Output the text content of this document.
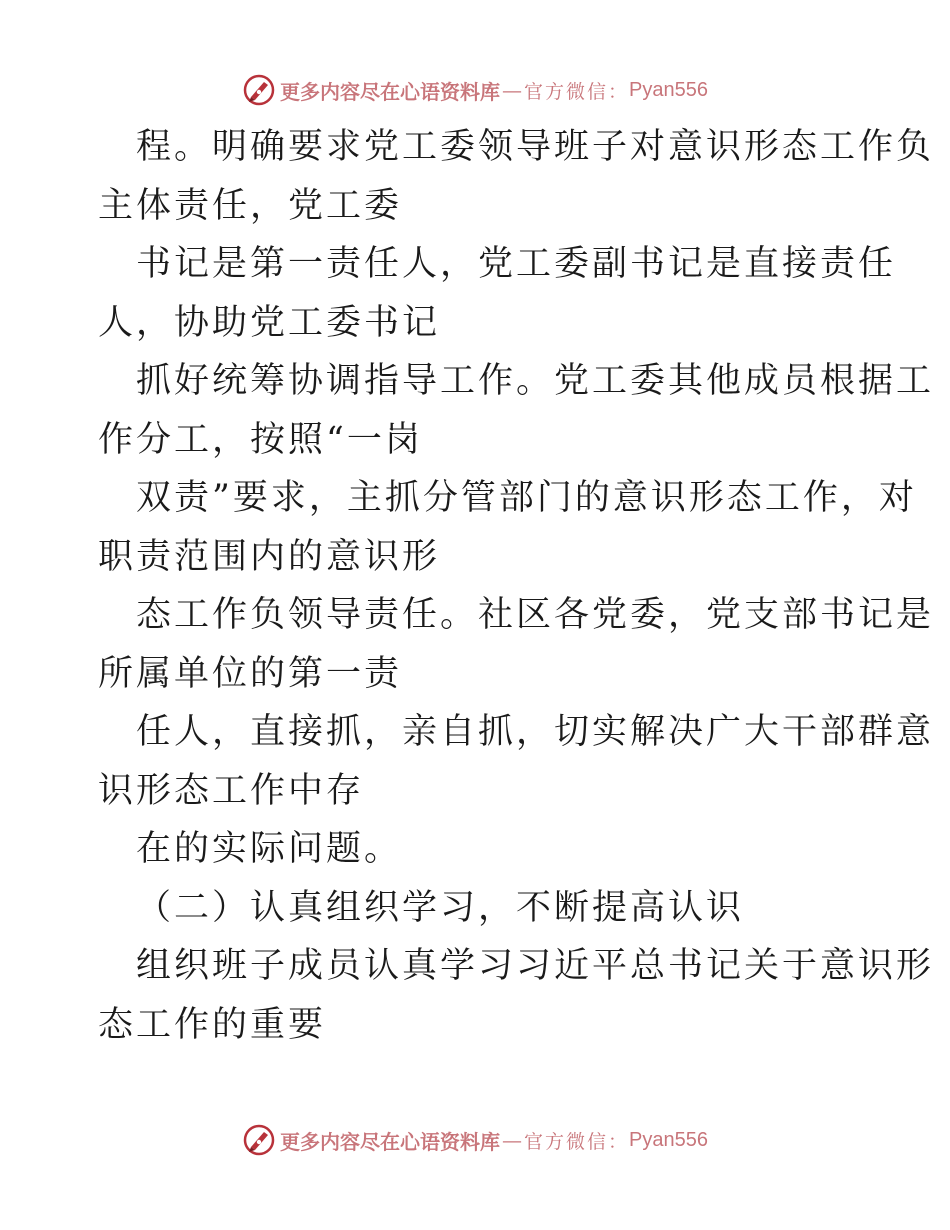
更多内容尽在心语资料库 — 官方微信： Pyan556
程。明确要求党工委领导班子对意识形态工作负
主体责任，党工委
书记是第一责任人，党工委副书记是直接责任
人，协助党工委书记
抓好统筹协调指导工作。党工委其他成员根据工
作分工，按照“一岗
双责”要求，主抓分管部门的意识形态工作，对
职责范围内的意识形
态工作负领导责任。社区各党委，党支部书记是
所属单位的第一责
任人，直接抓，亲自抓，切实解决广大干部群意
识形态工作中存
在的实际问题。
（二）认真组织学习，不断提高认识
组织班子成员认真学习习近平总书记关于意识形
态工作的重要
更多内容尽在心语资料库 — 官方微信： Pyan556
